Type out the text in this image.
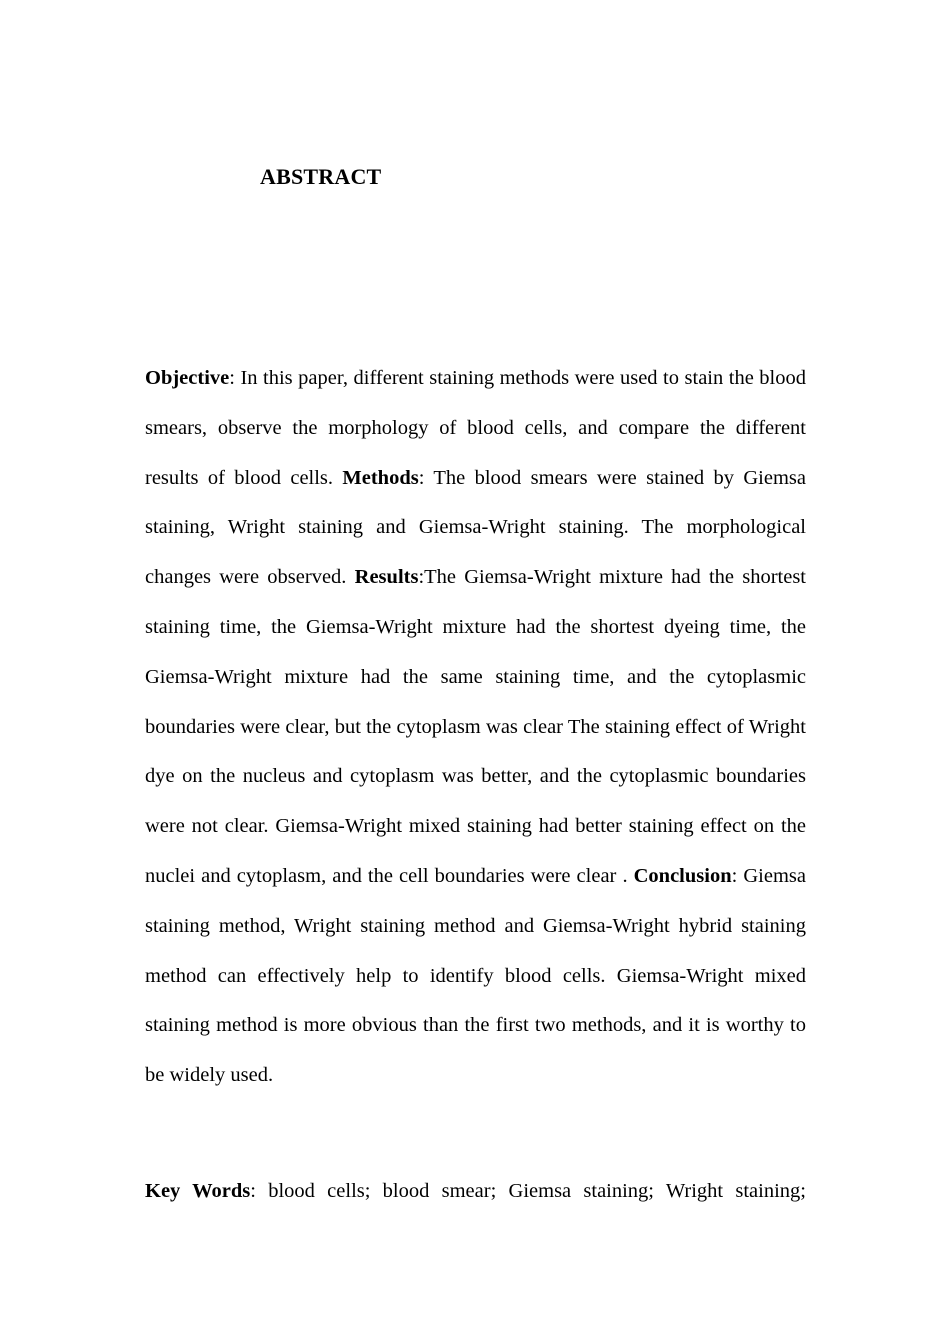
ABSTRACT

Objective: In this paper, different staining methods were used to stain the blood smears, observe the morphology of blood cells, and compare the different results of blood cells. Methods: The blood smears were stained by Giemsa staining, Wright staining and Giemsa-Wright staining. The morphological changes were observed. Results:The Giemsa-Wright mixture had the shortest staining time, the Giemsa-Wright mixture had the shortest dyeing time, the Giemsa-Wright mixture had the same staining time, and the cytoplasmic boundaries were clear, but the cytoplasm was clear The staining effect of Wright dye on the nucleus and cytoplasm was better, and the cytoplasmic boundaries were not clear. Giemsa-Wright mixed staining had better staining effect on the nuclei and cytoplasm, and the cell boundaries were clear . Conclusion: Giemsa staining method, Wright staining method and Giemsa-Wright hybrid staining method can effectively help to identify blood cells. Giemsa-Wright mixed staining method is more obvious than the first two methods, and it is worthy to be widely used.

Key Words: blood cells; blood smear; Giemsa staining; Wright staining;
